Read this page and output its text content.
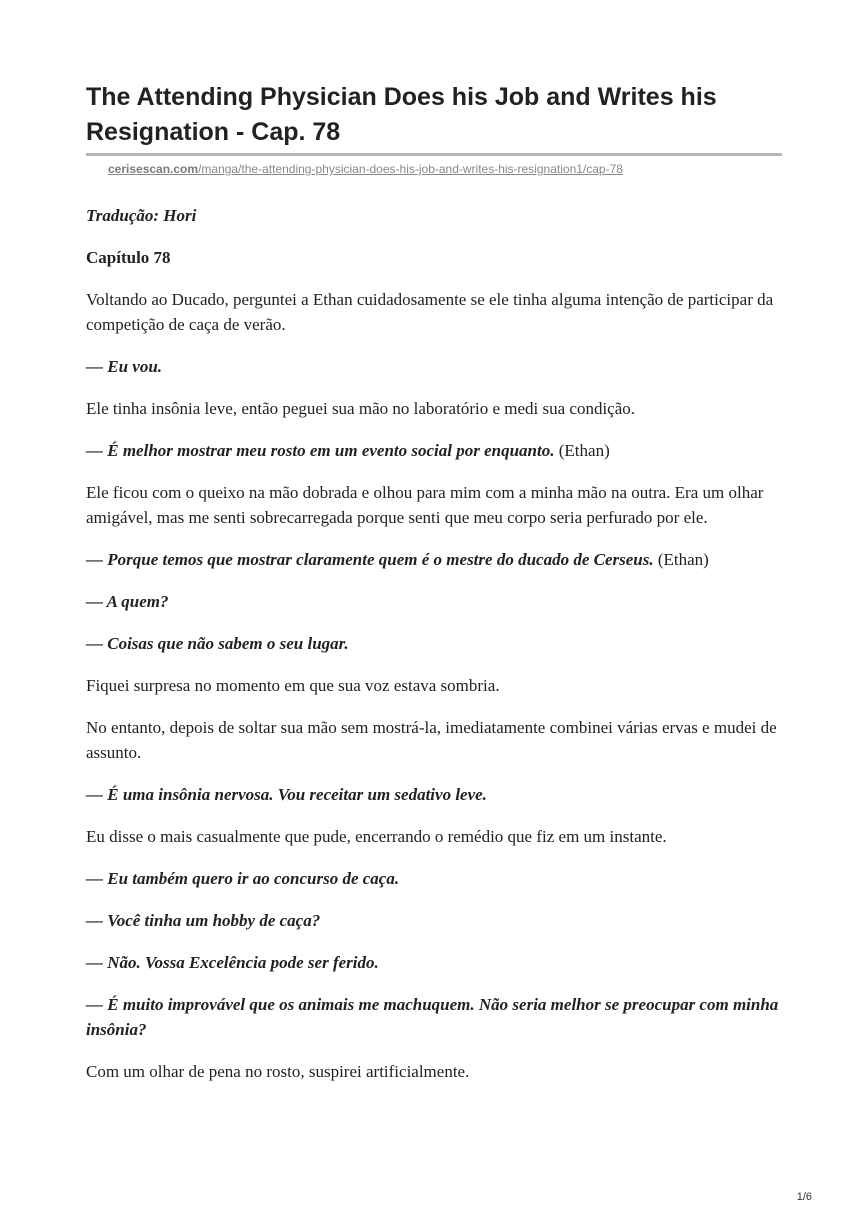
The Attending Physician Does his Job and Writes his Resignation - Cap. 78
cerisescan.com/manga/the-attending-physician-does-his-job-and-writes-his-resignation1/cap-78

Tradução: Hori

Capítulo 78

Voltando ao Ducado, perguntei a Ethan cuidadosamente se ele tinha alguma intenção de participar da competição de caça de verão.

— Eu vou.

Ele tinha insônia leve, então peguei sua mão no laboratório e medi sua condição.

— É melhor mostrar meu rosto em um evento social por enquanto. (Ethan)

Ele ficou com o queixo na mão dobrada e olhou para mim com a minha mão na outra. Era um olhar amigável, mas me senti sobrecarregada porque senti que meu corpo seria perfurado por ele.

— Porque temos que mostrar claramente quem é o mestre do ducado de Cerseus. (Ethan)

— A quem?

— Coisas que não sabem o seu lugar.

Fiquei surpresa no momento em que sua voz estava sombria.

No entanto, depois de soltar sua mão sem mostrá-la, imediatamente combinei várias ervas e mudei de assunto.

— É uma insônia nervosa. Vou receitar um sedativo leve.

Eu disse o mais casualmente que pude, encerrando o remédio que fiz em um instante.

— Eu também quero ir ao concurso de caça.

— Você tinha um hobby de caça?

— Não. Vossa Excelência pode ser ferido.

— É muito improvável que os animais me machuquem. Não seria melhor se preocupar com minha insônia?

Com um olhar de pena no rosto, suspirei artificialmente.

1/6
